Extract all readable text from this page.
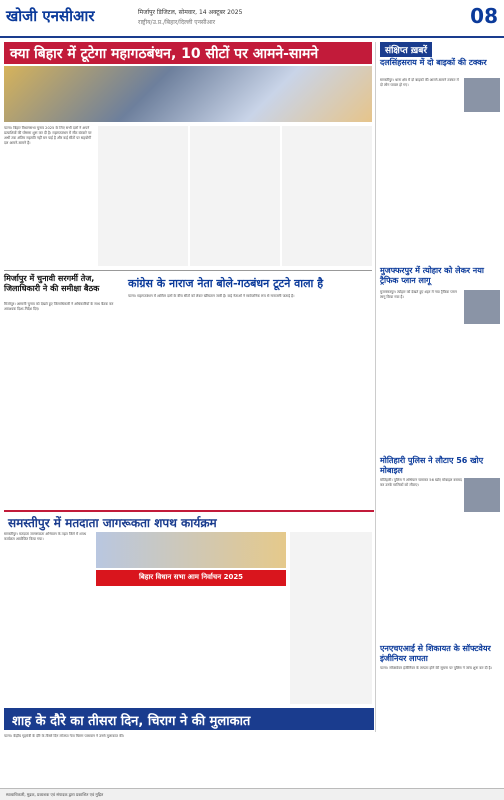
खोजी एनसीआर	मिर्जापुर डिजिटल, सोमवार, 14 अक्टूबर 2025
राष्ट्रीय/उ.प्र./बिहार/दिल्ली एनसीआर	08
क्या बिहार में टूटेगा महागठबंधन, 10 सीटों पर आमने-सामने

पटना। बिहार विधानसभा चुनाव 2025 के लिए सभी दलों ने अपने प्रत्याशियों की घोषणा शुरू कर दी है। महागठबंधन में सीट बंटवारे पर अभी तक अंतिम सहमति नहीं बन पाई है और कई सीटों पर सहयोगी दल आमने-सामने हैं।

मिर्जापुर में चुनावी सरगर्मी तेज, जिलाधिकारी ने की समीक्षा बैठक

मिर्जापुर। आगामी चुनाव को देखते हुए जिलाधिकारी ने अधिकारियों के साथ बैठक कर आवश्यक दिशा-निर्देश दिए।

कांग्रेस के नाराज नेता बोले-गठबंधन टूटने वाला है

पटना। महागठबंधन में शामिल दलों के बीच सीटों को लेकर खींचतान जारी है। कई नेताओं ने सार्वजनिक रूप से नाराजगी जताई है।

समस्तीपुर में मतदाता जागरूकता शपथ कार्यक्रम
बिहार विधान सभा आम निर्वाचन 2025

समस्तीपुर। मतदाता जागरूकता अभियान के तहत जिले में शपथ कार्यक्रम आयोजित किया गया।

शाह के दौरे का तीसरा दिन, चिराग ने की मुलाकात

पटना। केंद्रीय गृहमंत्री के दौरे के तीसरे दिन लोजपा नेता चिराग पासवान ने उनसे मुलाकात की।

संक्षिप्त ख़बरें
दलसिंहसराय में दो बाइकों की टक्कर

समस्तीपुर। थाना क्षेत्र में दो बाइकों की आमने-सामने टक्कर में दो लोग घायल हो गए।

मुजफ्फरपुर में त्योहार को लेकर नया ट्रैफिक प्लान लागू

मुजफ्फरपुर। त्योहार को देखते हुए शहर में नया ट्रैफिक प्लान लागू किया गया है।

मोतिहारी पुलिस ने लौटाए 56 खोए मोबाइल

मोतिहारी। पुलिस ने अभियान चलाकर 56 खोए मोबाइल बरामद कर उनके मालिकों को लौटाए।

एनएचएआई से शिकायत के सॉफ्टवेयर इंजीनियर लापता

पटना। सॉफ्टवेयर इंजीनियर के लापता होने की सूचना पर पुलिस ने जांच शुरू कर दी है।

स्वत्वाधिकारी, मुद्रक, प्रकाशक एवं संपादक द्वारा प्रकाशित एवं मुद्रित
